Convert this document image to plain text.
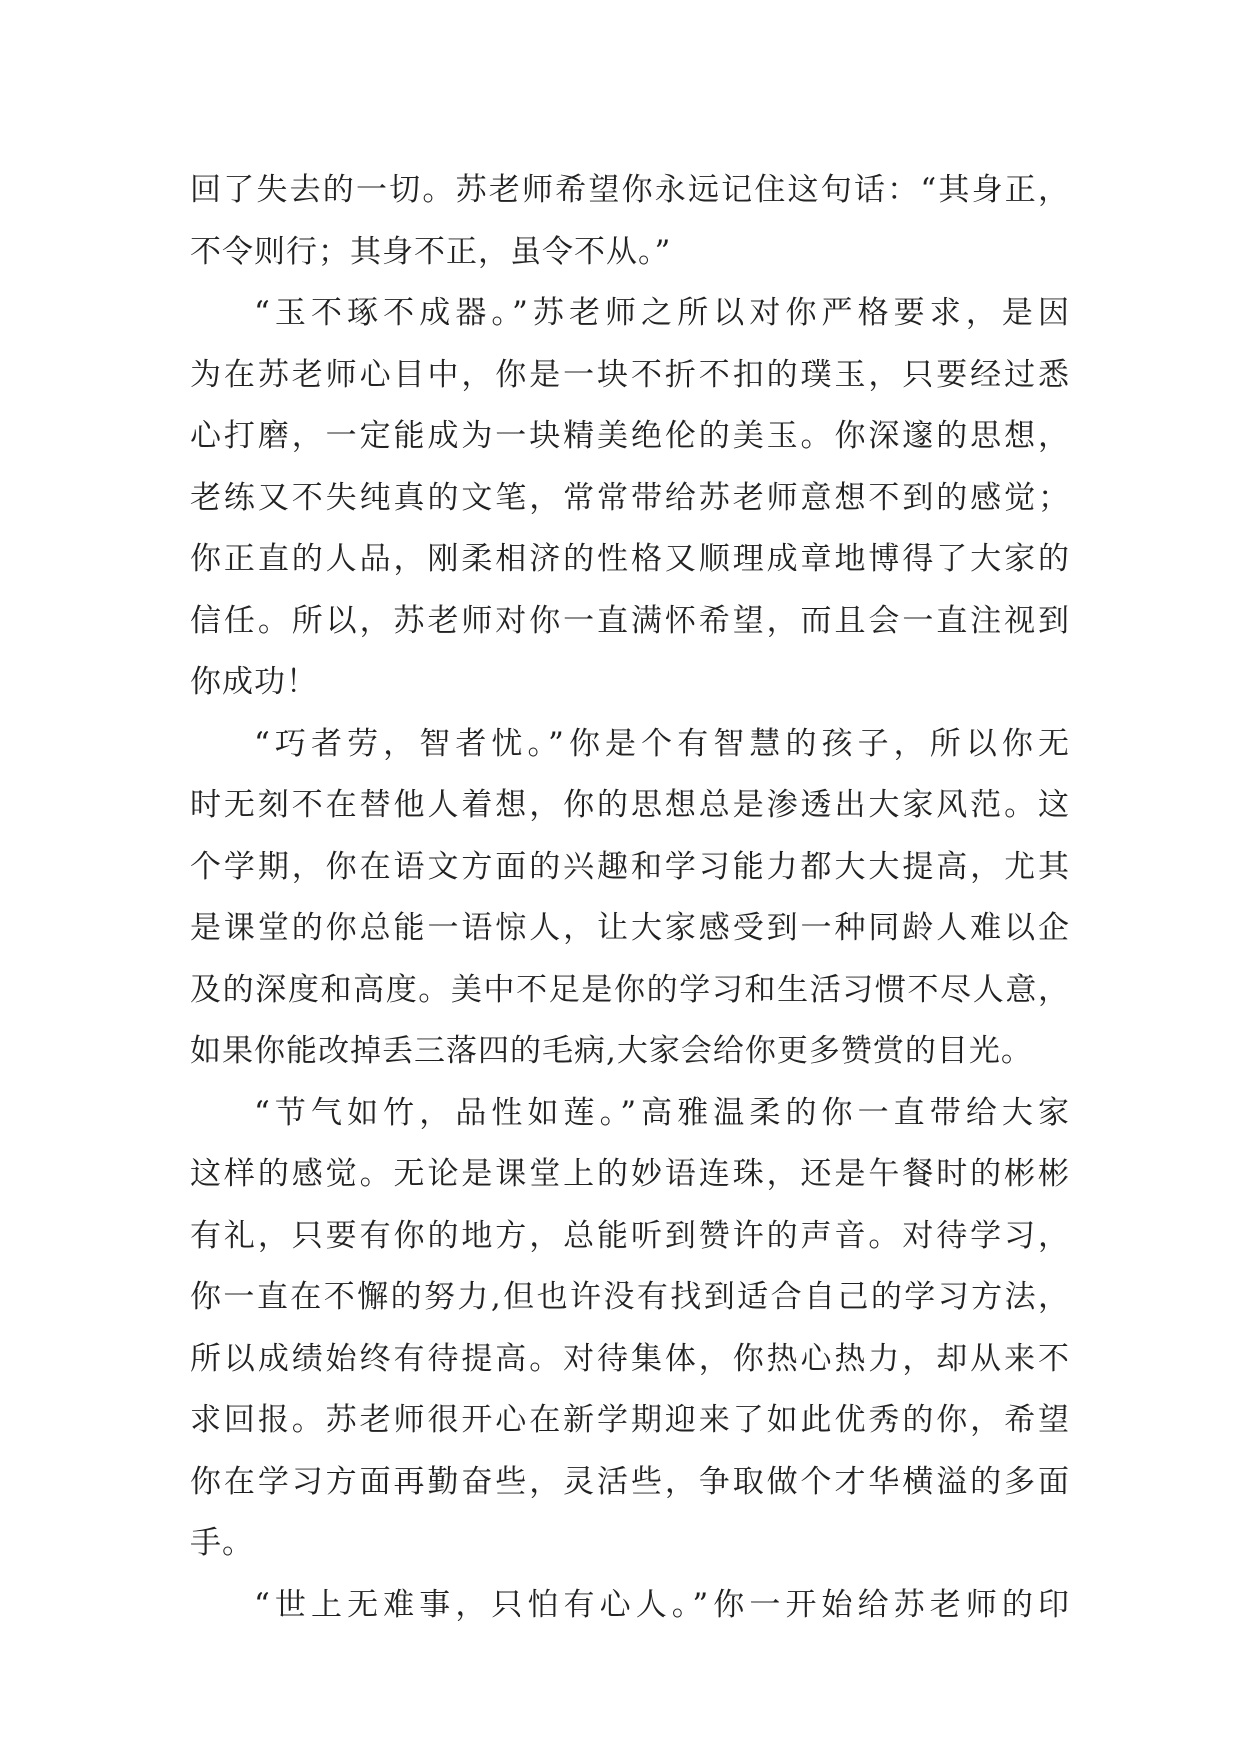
回了失去的一切。苏老师希望你永远记住这句话：“其身正，
不令则行；其身不正，虽令不从。”
“玉不琢不成器。”苏老师之所以对你严格要求，是因
为在苏老师心目中，你是一块不折不扣的璞玉，只要经过悉
心打磨，一定能成为一块精美绝伦的美玉。你深邃的思想，
老练又不失纯真的文笔，常常带给苏老师意想不到的感觉；
你正直的人品，刚柔相济的性格又顺理成章地博得了大家的
信任。所以，苏老师对你一直满怀希望，而且会一直注视到
你成功！
“巧者劳，智者忧。”你是个有智慧的孩子，所以你无
时无刻不在替他人着想，你的思想总是渗透出大家风范。这
个学期，你在语文方面的兴趣和学习能力都大大提高，尤其
是课堂的你总能一语惊人，让大家感受到一种同龄人难以企
及的深度和高度。美中不足是你的学习和生活习惯不尽人意，
如果你能改掉丢三落四的毛病,大家会给你更多赞赏的目光。
“节气如竹，品性如莲。”高雅温柔的你一直带给大家
这样的感觉。无论是课堂上的妙语连珠，还是午餐时的彬彬
有礼，只要有你的地方，总能听到赞许的声音。对待学习，
你一直在不懈的努力,但也许没有找到适合自己的学习方法，
所以成绩始终有待提高。对待集体，你热心热力，却从来不
求回报。苏老师很开心在新学期迎来了如此优秀的你，希望
你在学习方面再勤奋些，灵活些，争取做个才华横溢的多面
手。
“世上无难事，只怕有心人。”你一开始给苏老师的印
